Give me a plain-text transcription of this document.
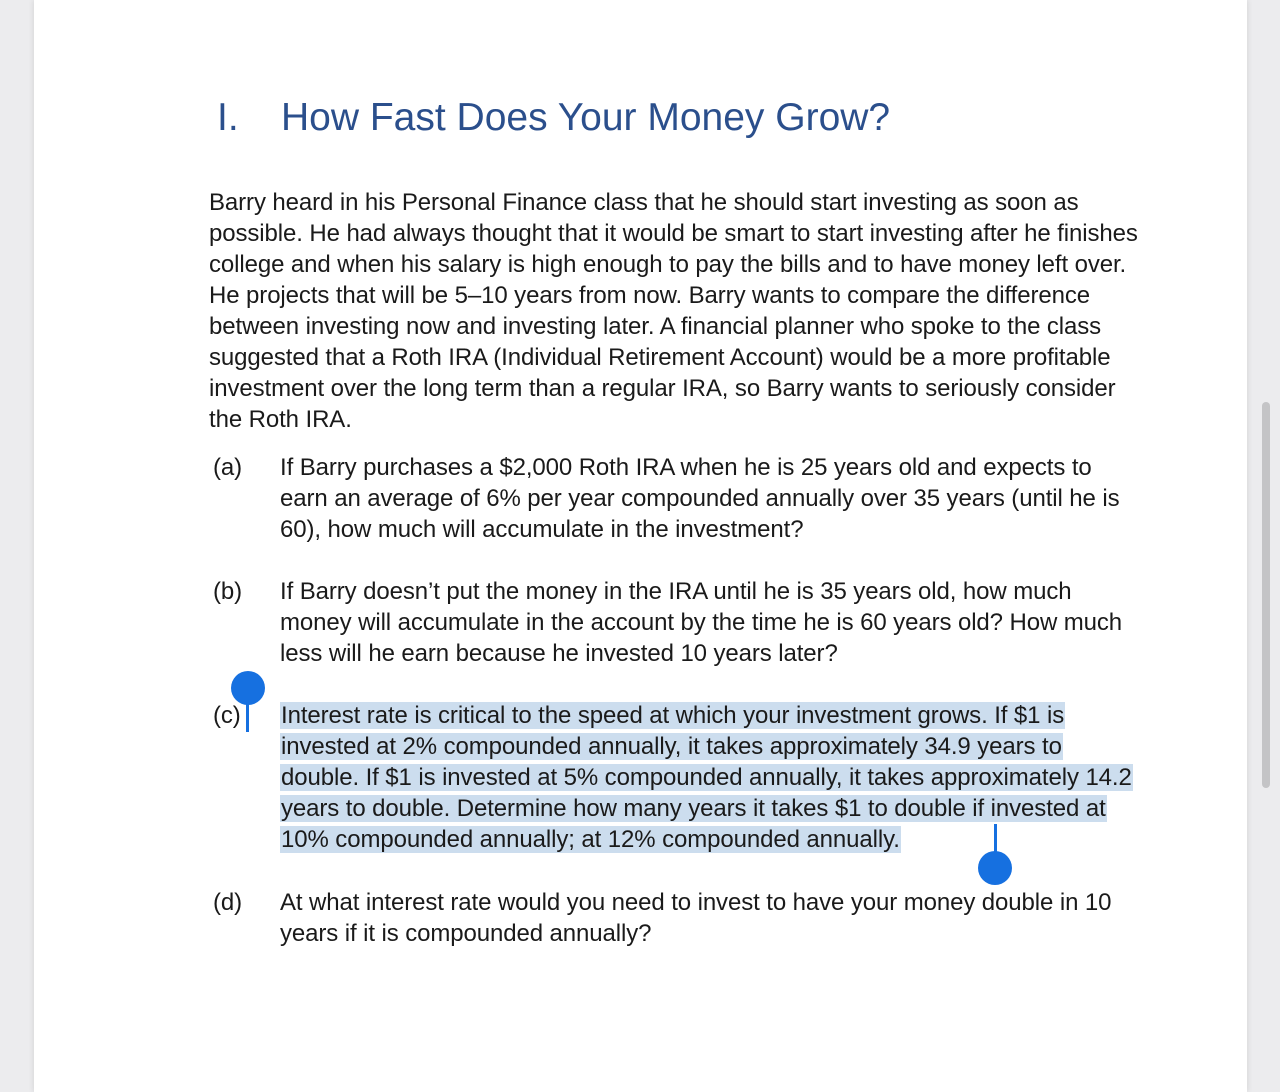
I. How Fast Does Your Money Grow?

Barry heard in his Personal Finance class that he should start investing as soon as possible. He had always thought that it would be smart to start investing after he finishes college and when his salary is high enough to pay the bills and to have money left over. He projects that will be 5–10 years from now. Barry wants to compare the difference between investing now and investing later. A financial planner who spoke to the class suggested that a Roth IRA (Individual Retirement Account) would be a more profitable investment over the long term than a regular IRA, so Barry wants to seriously consider the Roth IRA.

(a) If Barry purchases a $2,000 Roth IRA when he is 25 years old and expects to earn an average of 6% per year compounded annually over 35 years (until he is 60), how much will accumulate in the investment?
(b) If Barry doesn’t put the money in the IRA until he is 35 years old, how much money will accumulate in the account by the time he is 60 years old? How much less will he earn because he invested 10 years later?
(c) Interest rate is critical to the speed at which your investment grows. If $1 is invested at 2% compounded annually, it takes approximately 34.9 years to double. If $1 is invested at 5% compounded annually, it takes approximately 14.2 years to double. Determine how many years it takes $1 to double if invested at 10% compounded annually; at 12% compounded annually.
(d) At what interest rate would you need to invest to have your money double in 10 years if it is compounded annually?
